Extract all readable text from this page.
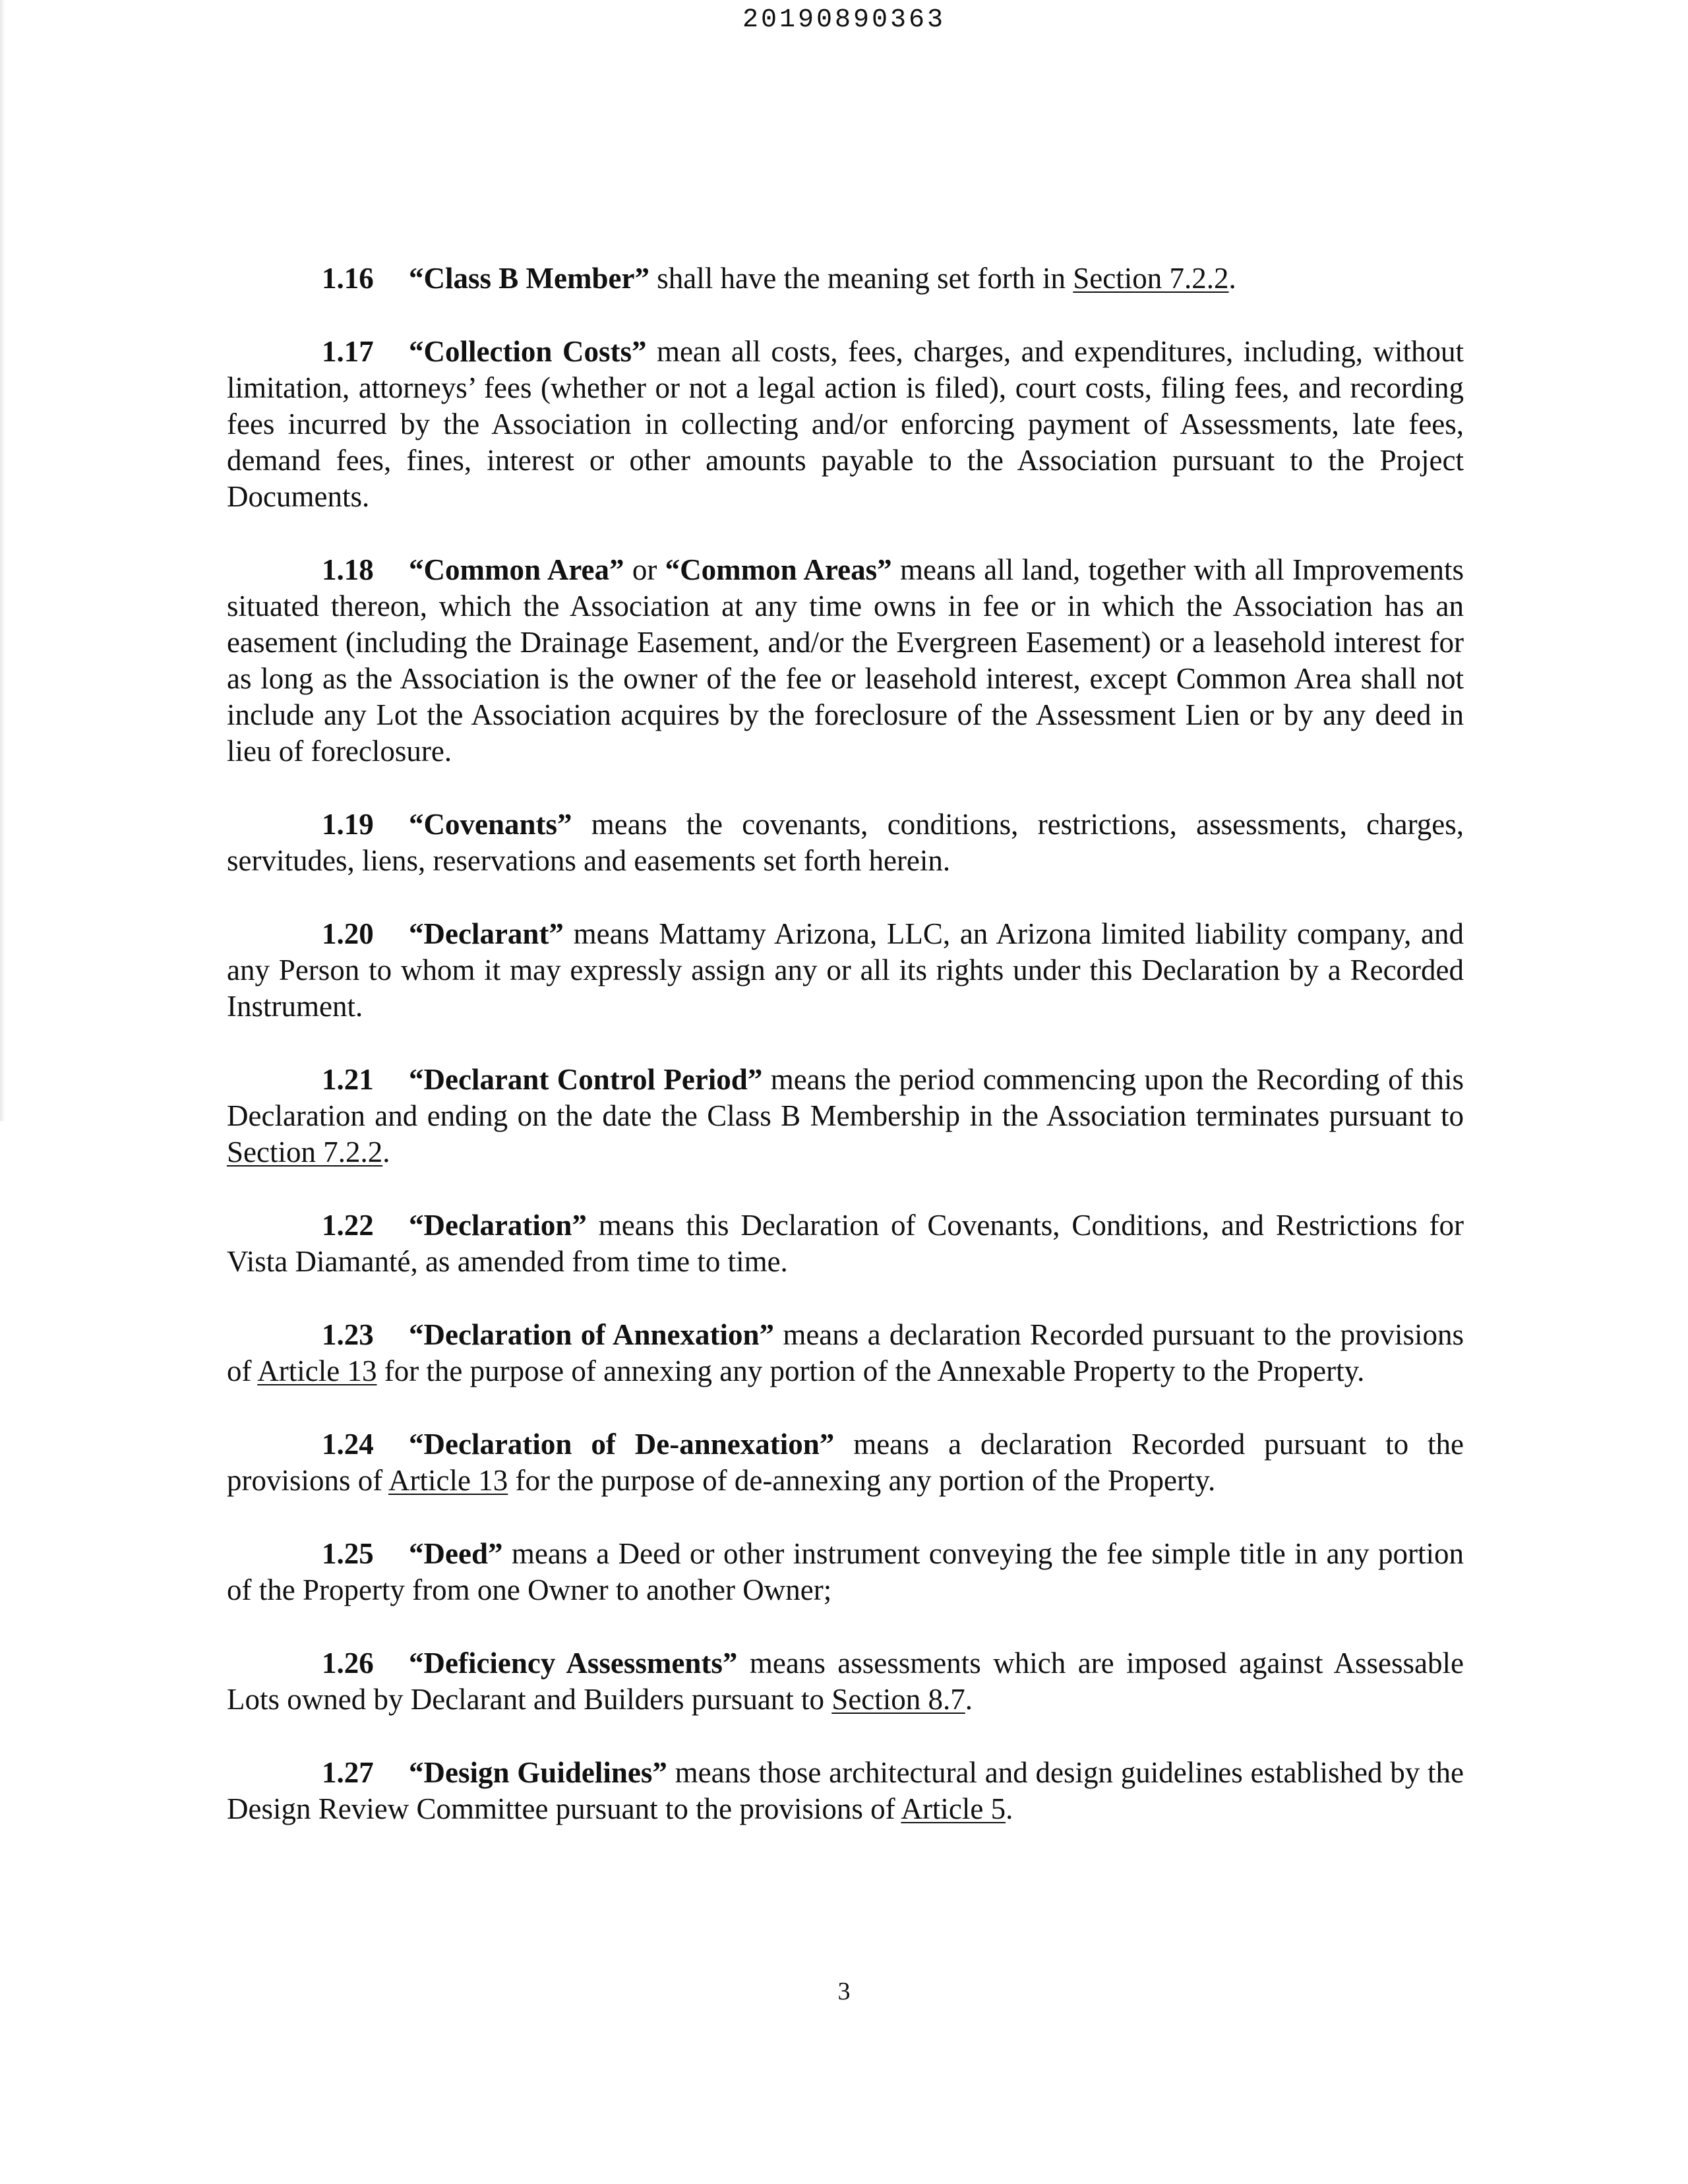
20190890363

1.16 “Class B Member” shall have the meaning set forth in Section 7.2.2.

1.17 “Collection Costs” mean all costs, fees, charges, and expenditures, including, without limitation, attorneys’ fees (whether or not a legal action is filed), court costs, filing fees, and recording fees incurred by the Association in collecting and/or enforcing payment of Assessments, late fees, demand fees, fines, interest or other amounts payable to the Association pursuant to the Project Documents.

1.18 “Common Area” or “Common Areas” means all land, together with all Improvements situated thereon, which the Association at any time owns in fee or in which the Association has an easement (including the Drainage Easement, and/or the Evergreen Easement) or a leasehold interest for as long as the Association is the owner of the fee or leasehold interest, except Common Area shall not include any Lot the Association acquires by the foreclosure of the Assessment Lien or by any deed in lieu of foreclosure.

1.19 “Covenants” means the covenants, conditions, restrictions, assessments, charges, servitudes, liens, reservations and easements set forth herein.

1.20 “Declarant” means Mattamy Arizona, LLC, an Arizona limited liability company, and any Person to whom it may expressly assign any or all its rights under this Declaration by a Recorded Instrument.

1.21 “Declarant Control Period” means the period commencing upon the Recording of this Declaration and ending on the date the Class B Membership in the Association terminates pursuant to Section 7.2.2.

1.22 “Declaration” means this Declaration of Covenants, Conditions, and Restrictions for Vista Diamanté, as amended from time to time.

1.23 “Declaration of Annexation” means a declaration Recorded pursuant to the provisions of Article 13 for the purpose of annexing any portion of the Annexable Property to the Property.

1.24 “Declaration of De-annexation” means a declaration Recorded pursuant to the provisions of Article 13 for the purpose of de-annexing any portion of the Property.

1.25 “Deed” means a Deed or other instrument conveying the fee simple title in any portion of the Property from one Owner to another Owner;

1.26 “Deficiency Assessments” means assessments which are imposed against Assessable Lots owned by Declarant and Builders pursuant to Section 8.7.

1.27 “Design Guidelines” means those architectural and design guidelines established by the Design Review Committee pursuant to the provisions of Article 5.

3
